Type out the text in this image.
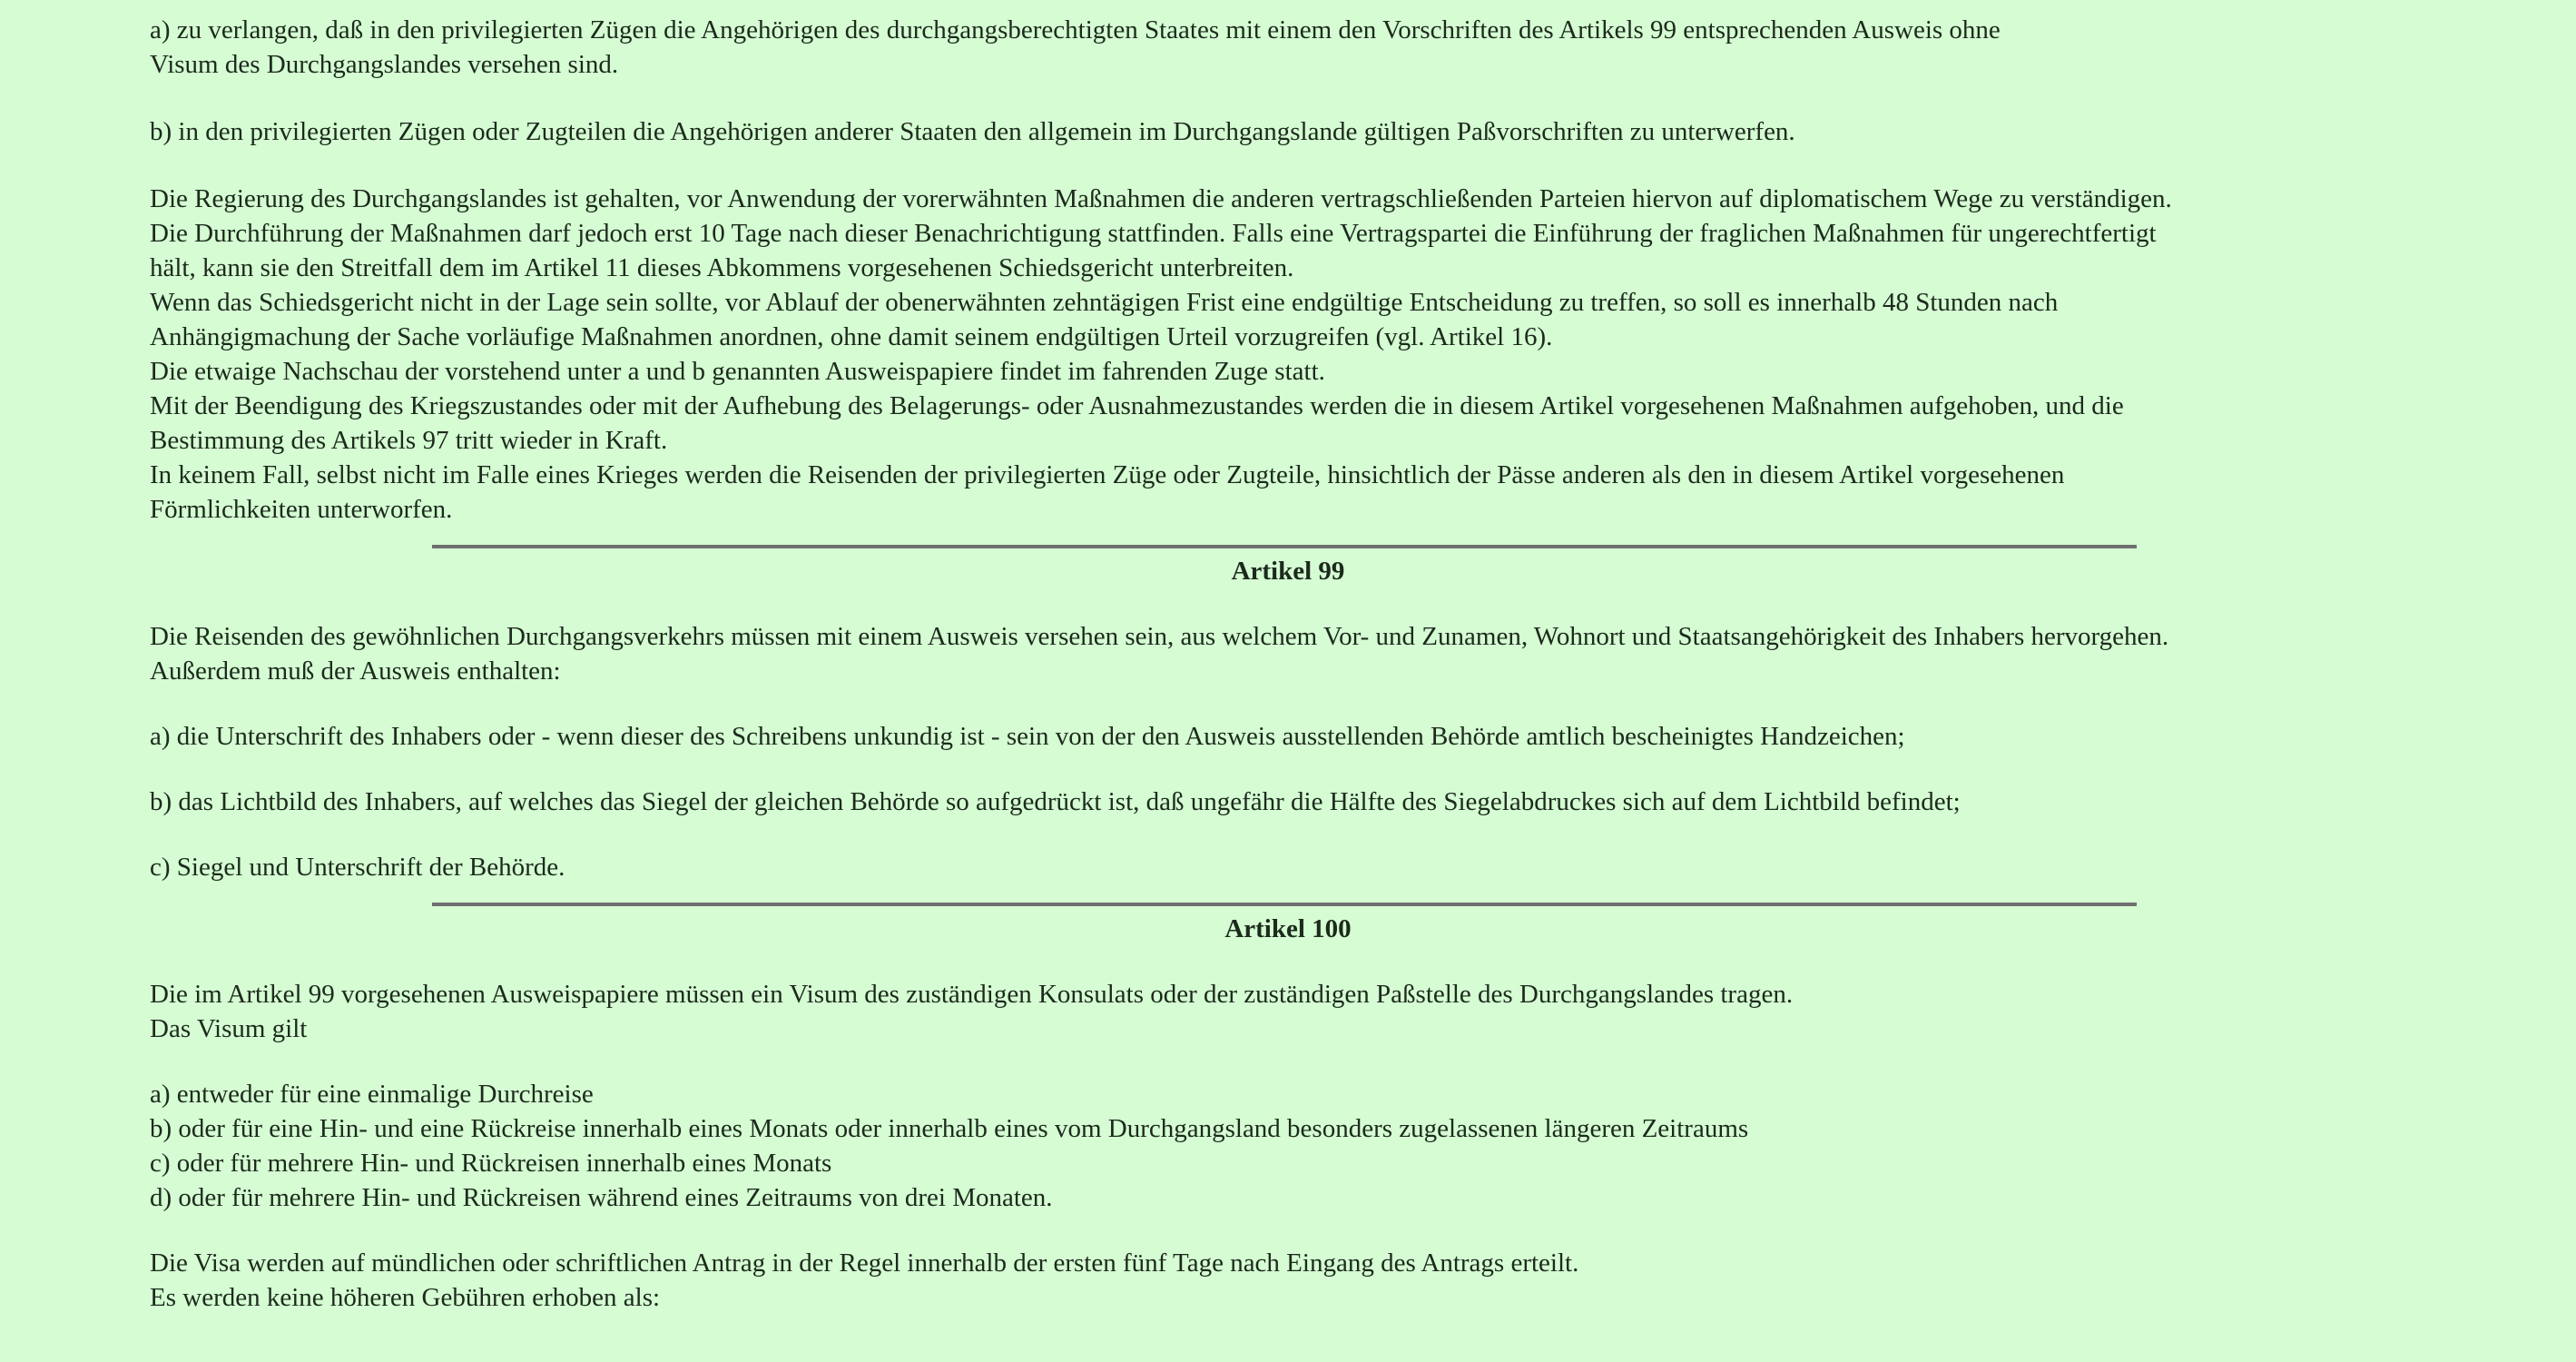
a) zu verlangen, daß in den privilegierten Zügen die Angehörigen des durchgangsberechtigten Staates mit einem den Vorschriften des Artikels 99 entsprechenden Ausweis ohne
Visum des Durchgangslandes versehen sind.
b) in den privilegierten Zügen oder Zugteilen die Angehörigen anderer Staaten den allgemein im Durchgangslande gültigen Paßvorschriften zu unterwerfen.
Die Regierung des Durchgangslandes ist gehalten, vor Anwendung der vorerwähnten Maßnahmen die anderen vertragschließenden Parteien hiervon auf diplomatischem Wege zu verständigen.
Die Durchführung der Maßnahmen darf jedoch erst 10 Tage nach dieser Benachrichtigung stattfinden. Falls eine Vertragspartei die Einführung der fraglichen Maßnahmen für ungerechtfertigt
hält, kann sie den Streitfall dem im Artikel 11 dieses Abkommens vorgesehenen Schiedsgericht unterbreiten.
Wenn das Schiedsgericht nicht in der Lage sein sollte, vor Ablauf der obenerwähnten zehntägigen Frist eine endgültige Entscheidung zu treffen, so soll es innerhalb 48 Stunden nach
Anhängigmachung der Sache vorläufige Maßnahmen anordnen, ohne damit seinem endgültigen Urteil vorzugreifen (vgl. Artikel 16).
Die etwaige Nachschau der vorstehend unter a und b genannten Ausweispapiere findet im fahrenden Zuge statt.
Mit der Beendigung des Kriegszustandes oder mit der Aufhebung des Belagerungs- oder Ausnahmezustandes werden die in diesem Artikel vorgesehenen Maßnahmen aufgehoben, und die
Bestimmung des Artikels 97 tritt wieder in Kraft.
In keinem Fall, selbst nicht im Falle eines Krieges werden die Reisenden der privilegierten Züge oder Zugteile, hinsichtlich der Pässe anderen als den in diesem Artikel vorgesehenen
Förmlichkeiten unterworfen.
Artikel 99
Die Reisenden des gewöhnlichen Durchgangsverkehrs müssen mit einem Ausweis versehen sein, aus welchem Vor- und Zunamen, Wohnort und Staatsangehörigkeit des Inhabers hervorgehen.
Außerdem muß der Ausweis enthalten:
a) die Unterschrift des Inhabers oder - wenn dieser des Schreibens unkundig ist - sein von der den Ausweis ausstellenden Behörde amtlich bescheinigtes Handzeichen;
b) das Lichtbild des Inhabers, auf welches das Siegel der gleichen Behörde so aufgedrückt ist, daß ungefähr die Hälfte des Siegelabdruckes sich auf dem Lichtbild befindet;
c) Siegel und Unterschrift der Behörde.
Artikel 100
Die im Artikel 99 vorgesehenen Ausweispapiere müssen ein Visum des zuständigen Konsulats oder der zuständigen Paßstelle des Durchgangslandes tragen.
Das Visum gilt
a) entweder für eine einmalige Durchreise
b) oder für eine Hin- und eine Rückreise innerhalb eines Monats oder innerhalb eines vom Durchgangsland besonders zugelassenen längeren Zeitraums
c) oder für mehrere Hin- und Rückreisen innerhalb eines Monats
d) oder für mehrere Hin- und Rückreisen während eines Zeitraums von drei Monaten.
Die Visa werden auf mündlichen oder schriftlichen Antrag in der Regel innerhalb der ersten fünf Tage nach Eingang des Antrags erteilt.
Es werden keine höheren Gebühren erhoben als:
